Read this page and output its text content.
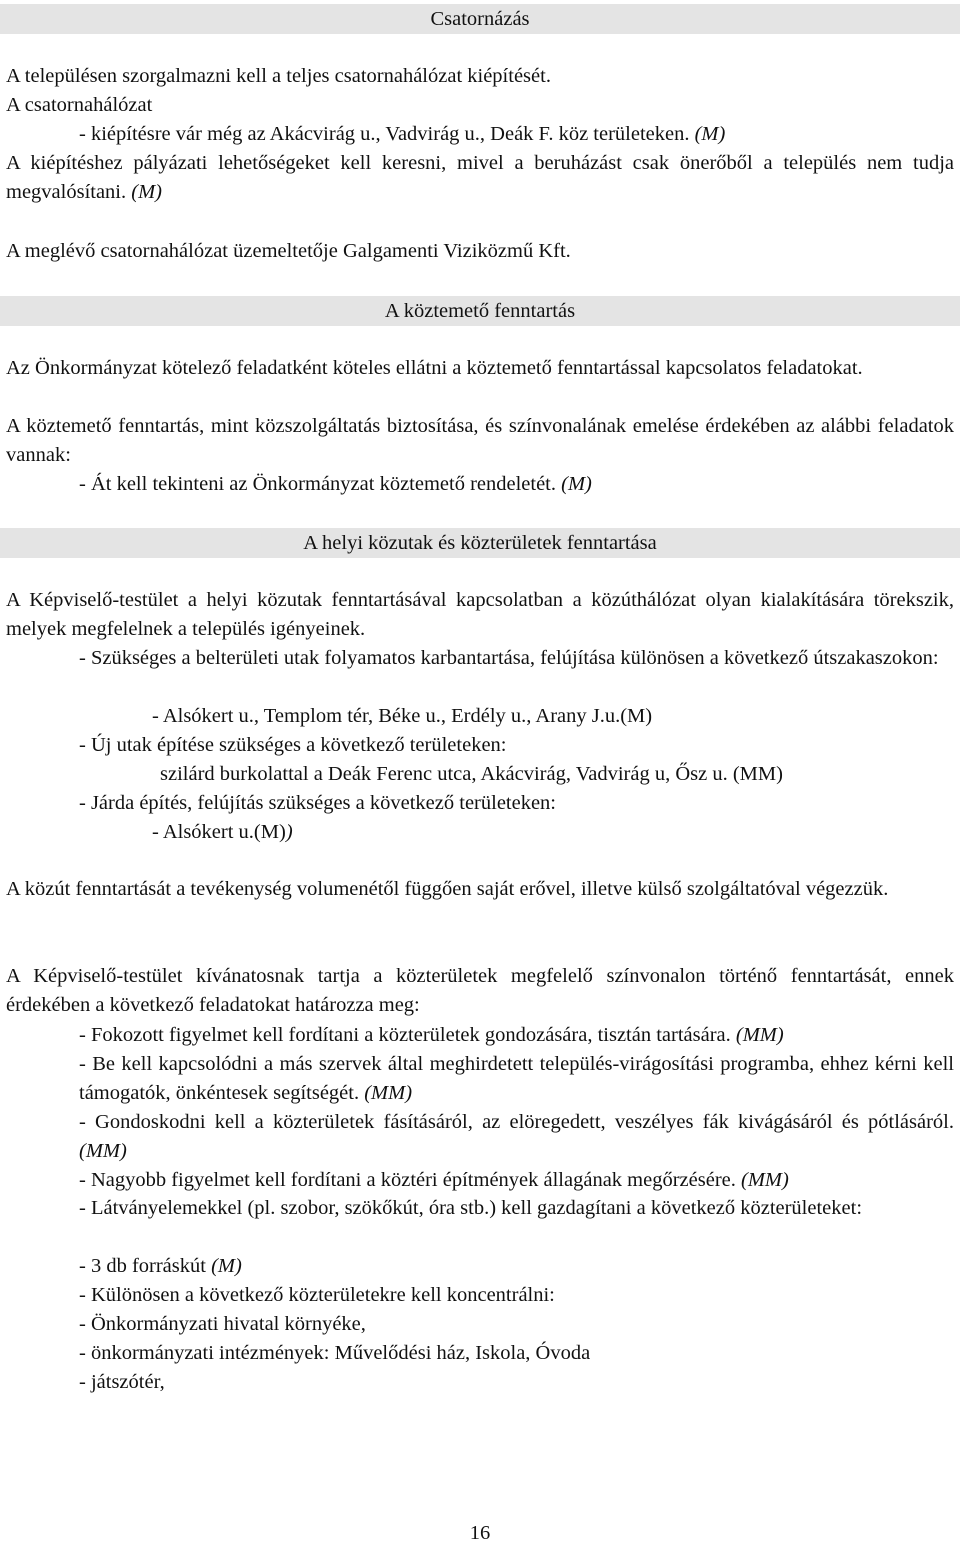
Csatornázás

A településen szorgalmazni kell a teljes csatornahálózat kiépítését.

A csatornahálózat

- kiépítésre vár még az Akácvirág u., Vadvirág u., Deák F. köz területeken. (M)

A kiépítéshez pályázati lehetőségeket kell keresni, mivel a beruházást csak önerőből a település nem tudja megvalósítani. (M)

A meglévő csatornahálózat üzemeltetője Galgamenti Viziközmű Kft.

A köztemető fenntartás

Az Önkormányzat kötelező feladatként köteles ellátni a köztemető fenntartással kapcsolatos feladatokat.

A köztemető fenntartás, mint közszolgáltatás biztosítása, és színvonalának emelése érdekében az alábbi feladatok vannak:

- Át kell tekinteni az Önkormányzat köztemető rendeletét. (M)

A helyi közutak és közterületek fenntartása

A Képviselő-testület a helyi közutak fenntartásával kapcsolatban a közúthálózat olyan kialakítására törekszik, melyek megfelelnek a település igényeinek.

- Szükséges a belterületi utak folyamatos karbantartása, felújítása különösen a következő útszakaszokon:

- Alsókert u., Templom tér, Béke u., Erdély u., Arany J.u.(M)

- Új utak építése szükséges a következő területeken:

szilárd burkolattal a Deák Ferenc utca, Akácvirág, Vadvirág u, Ősz u. (MM)

- Járda építés, felújítás szükséges a következő területeken:

- Alsókert u.(M))

A közút fenntartását a tevékenység volumenétől függően saját erővel, illetve külső szolgáltatóval végezzük.

A Képviselő-testület kívánatosnak tartja a közterületek megfelelő színvonalon történő fenntartását, ennek érdekében a következő feladatokat határozza meg:

- Fokozott figyelmet kell fordítani a közterületek gondozására, tisztán tartására. (MM)

- Be kell kapcsolódni a más szervek által meghirdetett település-virágosítási programba, ehhez kérni kell támogatók, önkéntesek segítségét. (MM)

- Gondoskodni kell a közterületek fásításáról, az elöregedett, veszélyes fák kivágásáról és pótlásáról. (MM)

- Nagyobb figyelmet kell fordítani a köztéri építmények állagának megőrzésére. (MM)

- Látványelemekkel (pl. szobor, szökőkút, óra stb.) kell gazdagítani a következő közterületeket:

- 3 db forráskút (M)

- Különösen a következő közterületekre kell koncentrálni:

- Önkormányzati hivatal környéke,

- önkormányzati intézmények: Művelődési ház, Iskola, Óvoda

- játszótér,

16
